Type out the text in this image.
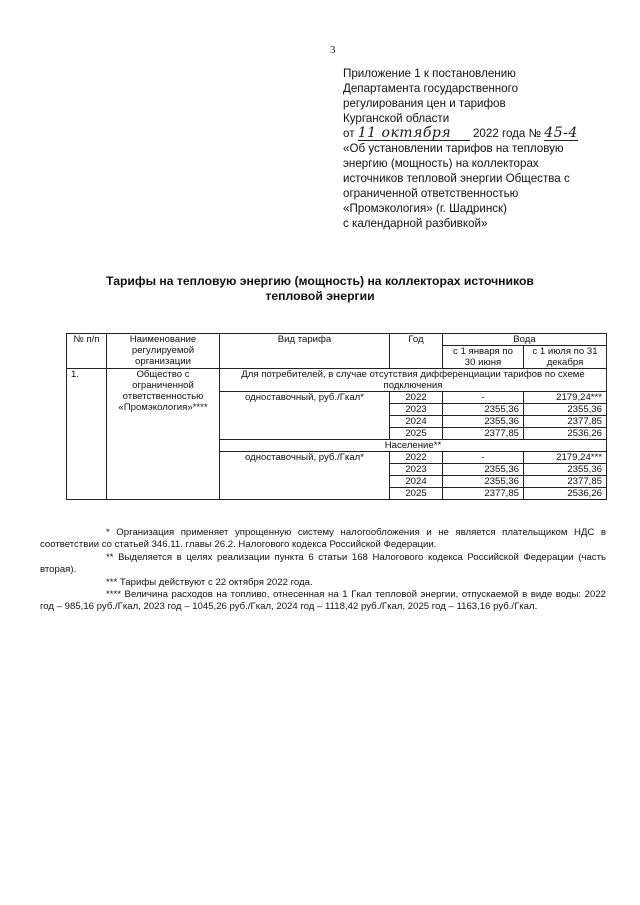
3
Приложение 1 к постановлению
Департамента государственного
регулирования цен и тарифов
Курганской области
от 11 октября 2022 года № 45-4
«Об установлении тарифов на тепловую
энергию (мощность) на коллекторах
источников тепловой энергии Общества с
ограниченной ответственностью
«Промэкология» (г. Шадринск)
с календарной разбивкой»
Тарифы на тепловую энергию (мощность) на коллекторах источников
тепловой энергии
№ п/п	Наименование регулируемой организации	Вид тарифа	Год	Вода	
				с 1 января по 30 июня	с 1 июля по 31 декабря
1.	Общество с ограниченной ответственностью «Промэкология»****	Для потребителей, в случае отсутствия дифференциации тарифов по схеме подключения			
		одноставочный, руб./Гкал*	2022	-	2179,24***
			2023	2355,36	2355,36
			2024	2355,36	2377,85
			2025	2377,85	2536,26
		Население**			
		одноставочный, руб./Гкал*	2022	-	2179,24***
			2023	2355,36	2355,36
			2024	2355,36	2377,85
			2025	2377,85	2536,26

* Организация применяет упрощенную систему налогообложения и не является плательщиком НДС в соответствии со статьей 346.11. главы 26.2. Налогового кодекса Российской Федерации.

** Выделяется в целях реализации пункта 6 статьи 168 Налогового кодекса Российской Федерации (часть вторая).

*** Тарифы действуют с 22 октября 2022 года.

**** Величина расходов на топливо, отнесенная на 1 Гкал тепловой энергии, отпускаемой в виде воды: 2022 год – 985,16 руб./Гкал, 2023 год – 1045,26 руб./Гкал, 2024 год – 1118,42 руб./Гкал, 2025 год – 1163,16 руб./Гкал.
